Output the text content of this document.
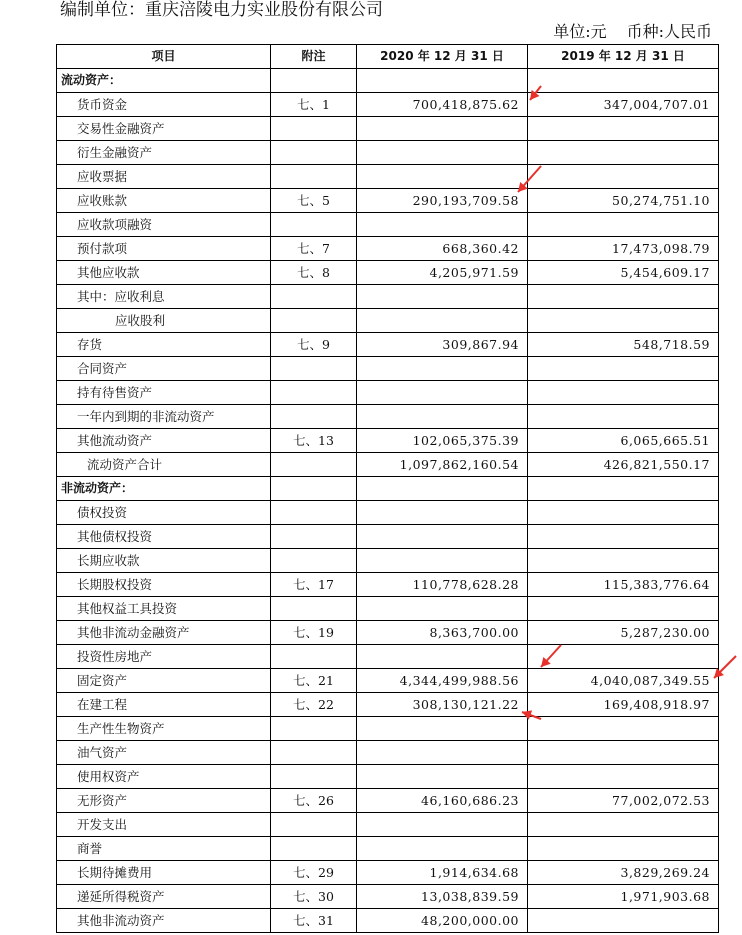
编制单位：重庆涪陵电力实业股份有限公司
单位:元 币种:人民币
项目	附注	2020 年 12 月 31 日	2019 年 12 月 31 日
流动资产：			
货币资金	七、1	700,418,875.62	347,004,707.01
交易性金融资产			
衍生金融资产			
应收票据			
应收账款	七、5	290,193,709.58	50,274,751.10
应收款项融资			
预付款项	七、7	668,360.42	17,473,098.79
其他应收款	七、8	4,205,971.59	5,454,609.17
其中：应收利息			
应收股利			
存货	七、9	309,867.94	548,718.59
合同资产			
持有待售资产			
一年内到期的非流动资产			
其他流动资产	七、13	102,065,375.39	6,065,665.51
流动资产合计		1,097,862,160.54	426,821,550.17
非流动资产：			
债权投资			
其他债权投资			
长期应收款			
长期股权投资	七、17	110,778,628.28	115,383,776.64
其他权益工具投资			
其他非流动金融资产	七、19	8,363,700.00	5,287,230.00
投资性房地产			
固定资产	七、21	4,344,499,988.56	4,040,087,349.55
在建工程	七、22	308,130,121.22	169,408,918.97
生产性生物资产			
油气资产			
使用权资产			
无形资产	七、26	46,160,686.23	77,002,072.53
开发支出			
商誉			
长期待摊费用	七、29	1,914,634.68	3,829,269.24
递延所得税资产	七、30	13,038,839.59	1,971,903.68
其他非流动资产	七、31	48,200,000.00	
